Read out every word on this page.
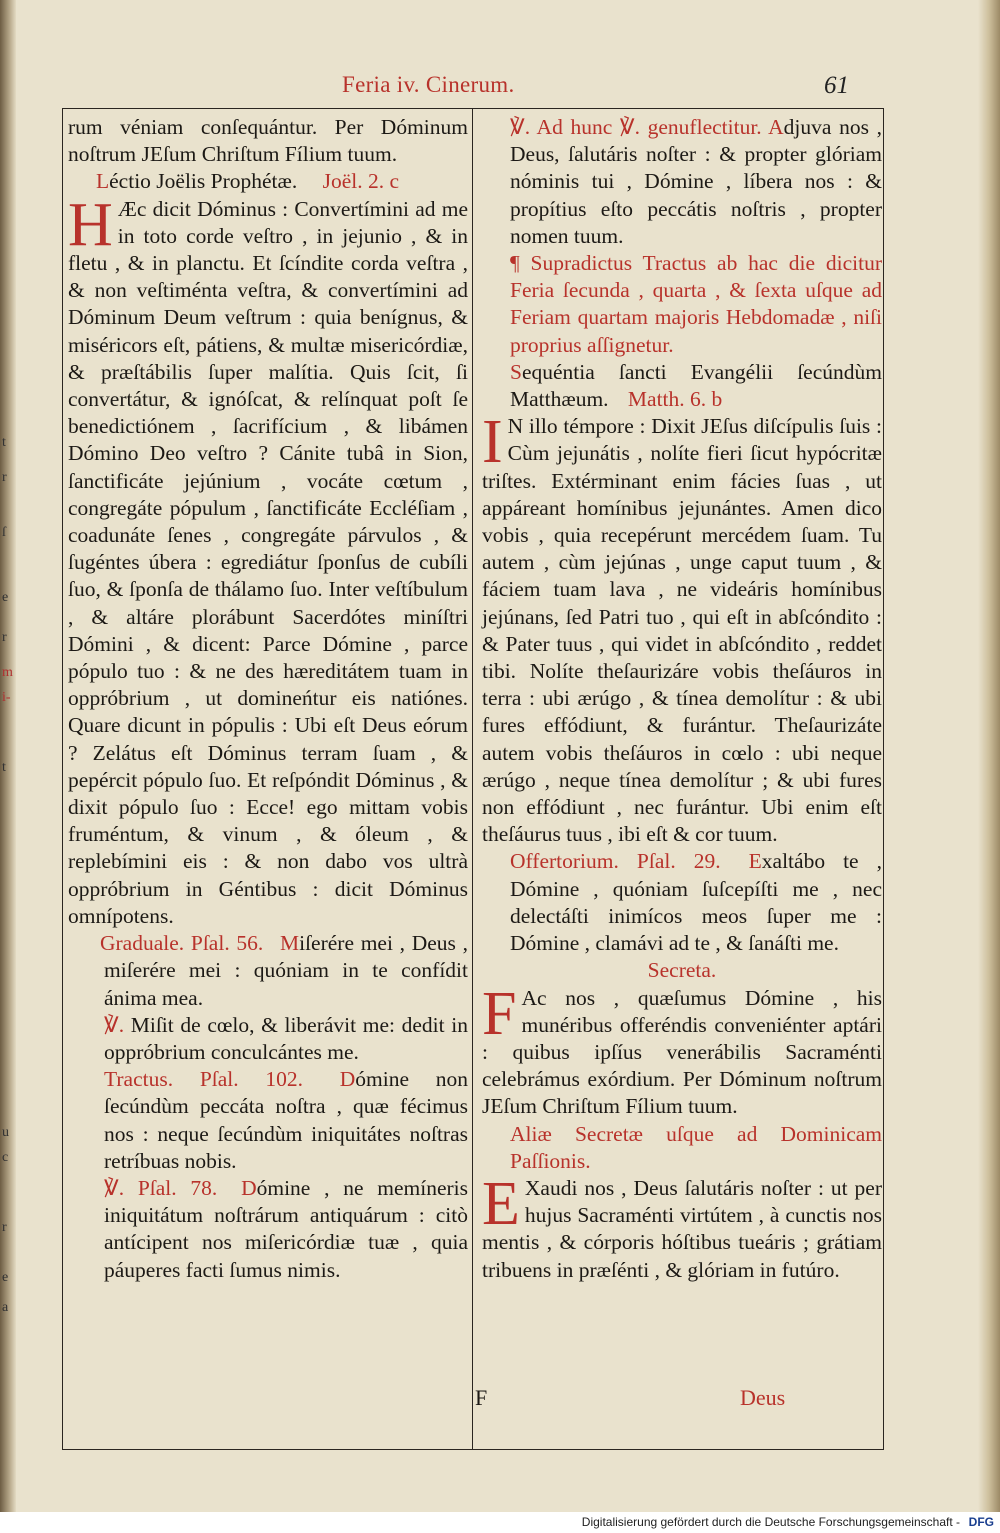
t
r
ſ
e
r
m
i-
t
u
c
r
e
a
Feria iv. Cinerum.	61

rum véniam conſequántur. Per Dóminum noſtrum JEſum Chriſtum Fílium tuum.

Léctio Joëlis Prophétæ. Joël. 2. c

H Æc dicit Dóminus : Convertímini ad me in toto corde veſtro , in jejunio , & in fletu , & in planctu. Et ſcíndite corda veſtra , & non veſtiménta veſtra, & convertímini ad Dóminum Deum veſtrum : quia benígnus, & miséricors eſt, pátiens, & multæ misericórdiæ, & præſtábilis ſuper malítia. Quis ſcit, ſi convertátur, & ignóſcat, & relínquat poſt ſe benedictiónem , ſacrifícium , & libámen Dómino Deo veſtro ? Cánite tubâ in Sion, ſanctificáte jejúnium , vocáte cœtum , congregáte pópulum , ſanctificáte Eccléſiam , coadunáte ſenes , congregáte párvulos , & ſugéntes úbera : egrediátur ſponſus de cubíli ſuo, & ſponſa de thálamo ſuo. Inter veſtíbulum , & altáre plorábunt Sacerdótes miníſtri Dómini , & dicent: Parce Dómine , parce pópulo tuo : & ne des hæreditátem tuam in oppróbrium , ut domineńtur eis natiónes. Quare dicunt in pópulis : Ubi eſt Deus eórum ? Zelátus eſt Dóminus terram ſuam , & pepércit pópulo ſuo. Et reſpóndit Dóminus , & dixit pópulo ſuo : Ecce! ego mittam vobis fruméntum, & vinum , & óleum , & replebímini eis : & non dabo vos ultrà oppróbrium in Géntibus : dicit Dóminus omnípotens.

Graduale. Pſal. 56. Miſerére mei , Deus , miſerére mei : quóniam in te confídit ánima mea.

℣. Miſit de cœlo, & liberávit me: dedit in oppróbrium conculcántes me.

Tractus. Pſal. 102. Dómine non ſecúndùm peccáta noſtra , quæ fécimus nos : neque ſecúndùm iniquitátes noſtras retríbuas nobis.

℣. Pſal. 78. Dómine , ne memíneris iniquitátum noſtrárum antiquárum : citò antícipent nos miſericórdiæ tuæ , quia páuperes facti ſumus nimis.

℣. Ad hunc ℣. genuflectitur. Adjuva nos , Deus, ſalutáris noſter : & propter glóriam nóminis tui , Dómine , líbera nos : & propítius eſto peccátis noſtris , propter nomen tuum.

¶ Supradictus Tractus ab hac die dicitur Feria ſecunda , quarta , & ſexta uſque ad Feriam quartam majoris Hebdomadæ , niſi proprius aſſignetur.

Sequéntia ſancti Evangélii ſecúndùm Matthæum. Matth. 6. b

I N illo témpore : Dixit JEſus diſcípulis ſuis : Cùm jejunátis , nolíte fieri ſicut hypócritæ triſtes. Extérminant enim fácies ſuas , ut appáreant homínibus jejunántes. Amen dico vobis , quia recepérunt mercédem ſuam. Tu autem , cùm jejúnas , unge caput tuum , & fáciem tuam lava , ne videáris homínibus jejúnans, ſed Patri tuo , qui eſt in abſcóndito : & Pater tuus , qui videt in abſcóndito , reddet tibi. Nolíte theſaurizáre vobis theſáuros in terra : ubi ærúgo , & tínea demolítur : & ubi fures effódiunt, & furántur. Theſaurizáte autem vobis theſáuros in cœlo : ubi neque ærúgo , neque tínea demolítur ; & ubi fures non effódiunt , nec furántur. Ubi enim eſt theſáurus tuus , ibi eſt & cor tuum.

Offertorium. Pſal. 29. Exaltábo te , Dómine , quóniam ſuſcepíſti me , nec delectáſti inimícos meos ſuper me : Dómine , clamávi ad te , & ſanáſti me.

Secreta.

F Ac nos , quæſumus Dómine , his munéribus offeréndis conveniénter aptári : quibus ipſíus venerábilis Sacraménti celebrámus exórdium. Per Dóminum noſtrum JEſum Chriſtum Fílium tuum.

Aliæ Secretæ uſque ad Dominicam Paſſionis.

E Xaudi nos , Deus ſalutáris noſter : ut per hujus Sacraménti virtútem , à cunctis nos mentis , & córporis hóſtibus tueáris ; grátiam tribuens in præſénti , & glóriam in futúro.

F	Deus
Digitalisierung gefördert durch die Deutsche Forschungsgemeinschaft - DFG
